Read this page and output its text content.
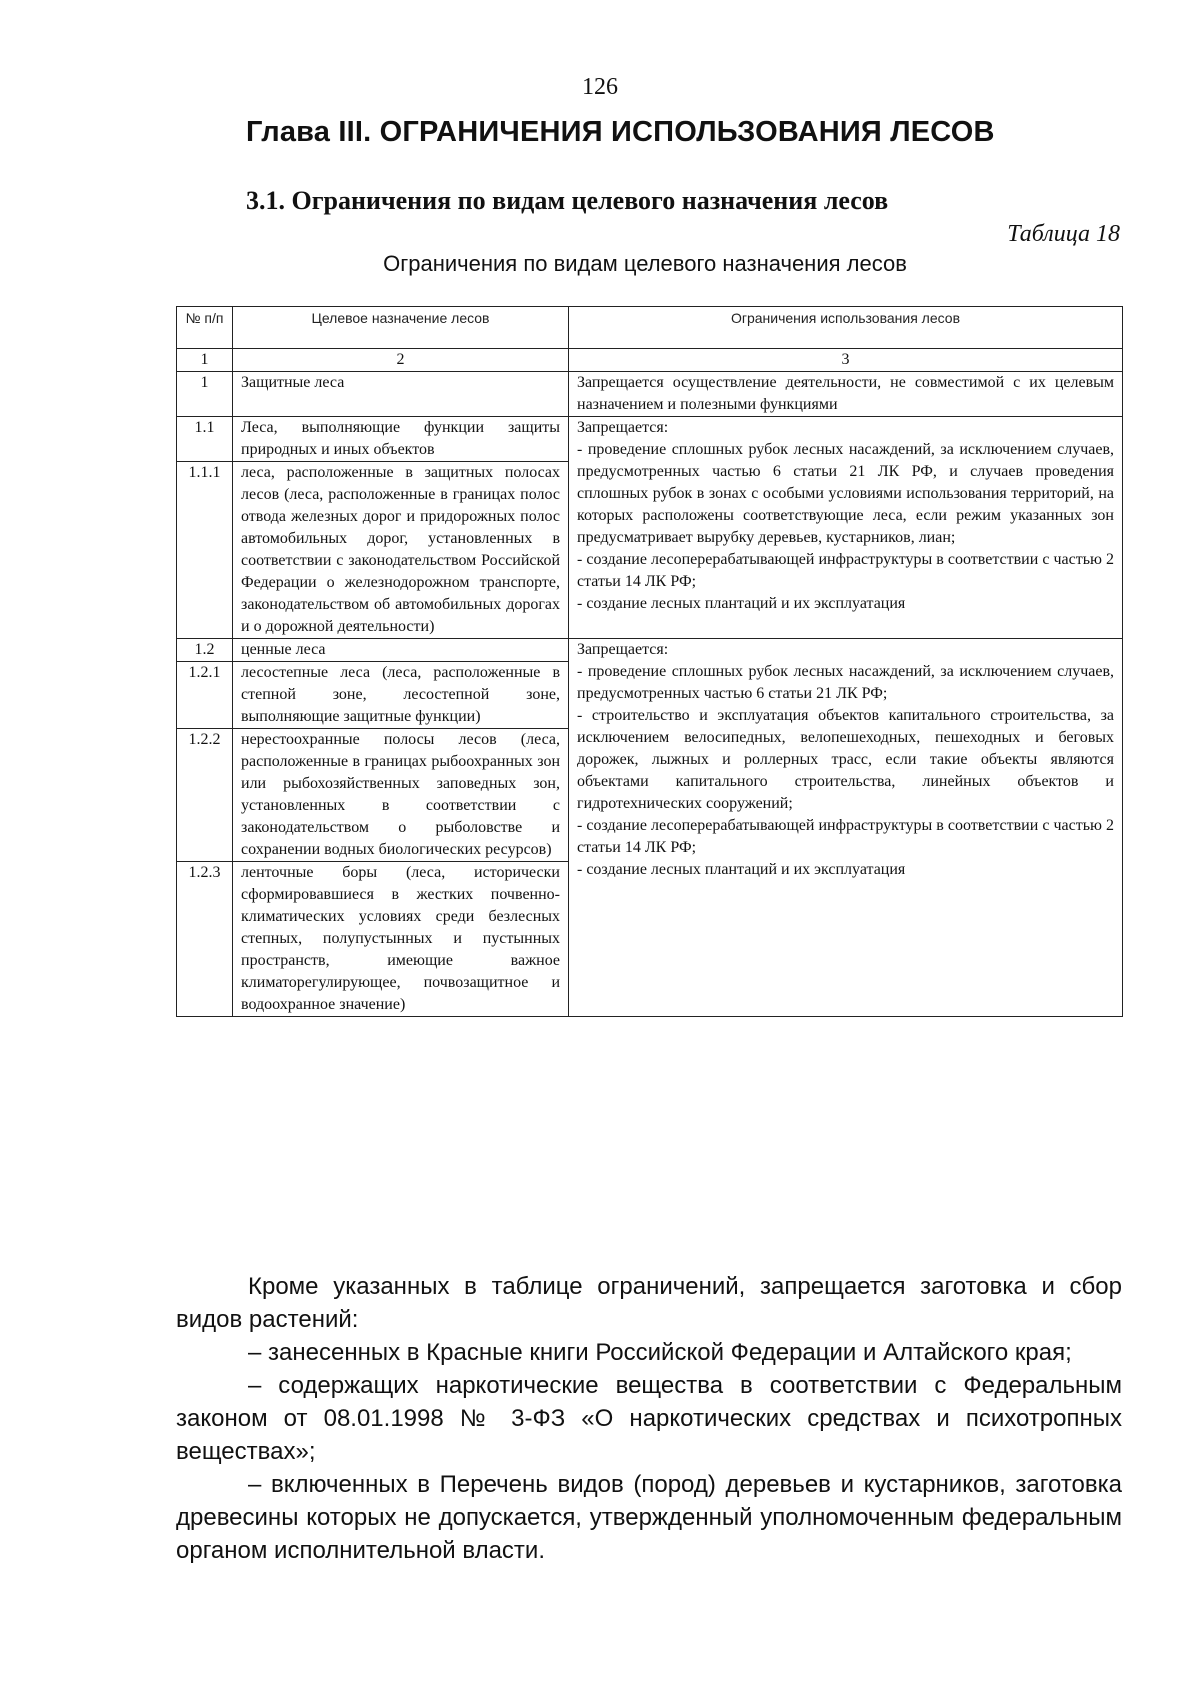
126
Глава III. ОГРАНИЧЕНИЯ ИСПОЛЬЗОВАНИЯ ЛЕСОВ
3.1. Ограничения по видам целевого назначения лесов
Таблица 18
Ограничения по видам целевого назначения лесов
№ п/п	Целевое назначение лесов	Ограничения использования лесов
1	2	3
1	Защитные леса	Запрещается осуществление деятельности, не совместимой с их целевым назначением и полезными функциями
1.1	Леса, выполняющие функции защиты природных и иных объектов	Запрещается:
- проведение сплошных рубок лесных насаждений, за исключением случаев, предусмотренных частью 6 статьи 21 ЛК РФ, и случаев проведения сплошных рубок в зонах с особыми условиями использования территорий, на которых расположены соответствующие леса, если режим указанных зон предусматривает вырубку деревьев, кустарников, лиан;
- создание лесоперерабатывающей инфраструктуры в соответствии с частью 2 статьи 14 ЛК РФ;
- создание лесных плантаций и их эксплуатация

1.1.1	леса, расположенные в защитных полосах лесов (леса, расположенные в границах полос отвода железных дорог и придорожных полос автомобильных дорог, установленных в соответствии с законодательством Российской Федерации о железнодорожном транспорте, законодательством об автомобильных дорогах и о дорожной деятельности)	
1.2	ценные леса	Запрещается:
- проведение сплошных рубок лесных насаждений, за исключением случаев, предусмотренных частью 6 статьи 21 ЛК РФ;
- строительство и эксплуатация объектов капитального строительства, за исключением велосипедных, велопешеходных, пешеходных и беговых дорожек, лыжных и роллерных трасс, если такие объекты являются объектами капитального строительства, линейных объектов и гидротехнических сооружений;
- создание лесоперерабатывающей инфраструктуры в соответствии с частью 2 статьи 14 ЛК РФ;
- создание лесных плантаций и их эксплуатация

1.2.1	лесостепные леса (леса, расположенные в степной зоне, лесостепной зоне, выполняющие защитные функции)	
1.2.2	нерестоохранные полосы лесов (леса, расположенные в границах рыбоохранных зон или рыбохозяйственных заповедных зон, установленных в соответствии с законодательством о рыболовстве и сохранении водных биологических ресурсов)	
1.2.3	ленточные боры (леса, исторически сформировавшиеся в жестких почвенно-климатических условиях среди безлесных степных, полупустынных и пустынных пространств, имеющие важное климаторегулирующее, почвозащитное и водоохранное значение)	

Кроме указанных в таблице ограничений, запрещается заготовка и сбор видов растений:

– занесенных в Красные книги Российской Федерации и Алтайского края;

– содержащих наркотические вещества в соответствии с Федеральным законом от 08.01.1998 № 3-ФЗ «О наркотических средствах и психотропных веществах»;

– включенных в Перечень видов (пород) деревьев и кустарников, заготовка древесины которых не допускается, утвержденный уполномоченным федеральным органом исполнительной власти.
